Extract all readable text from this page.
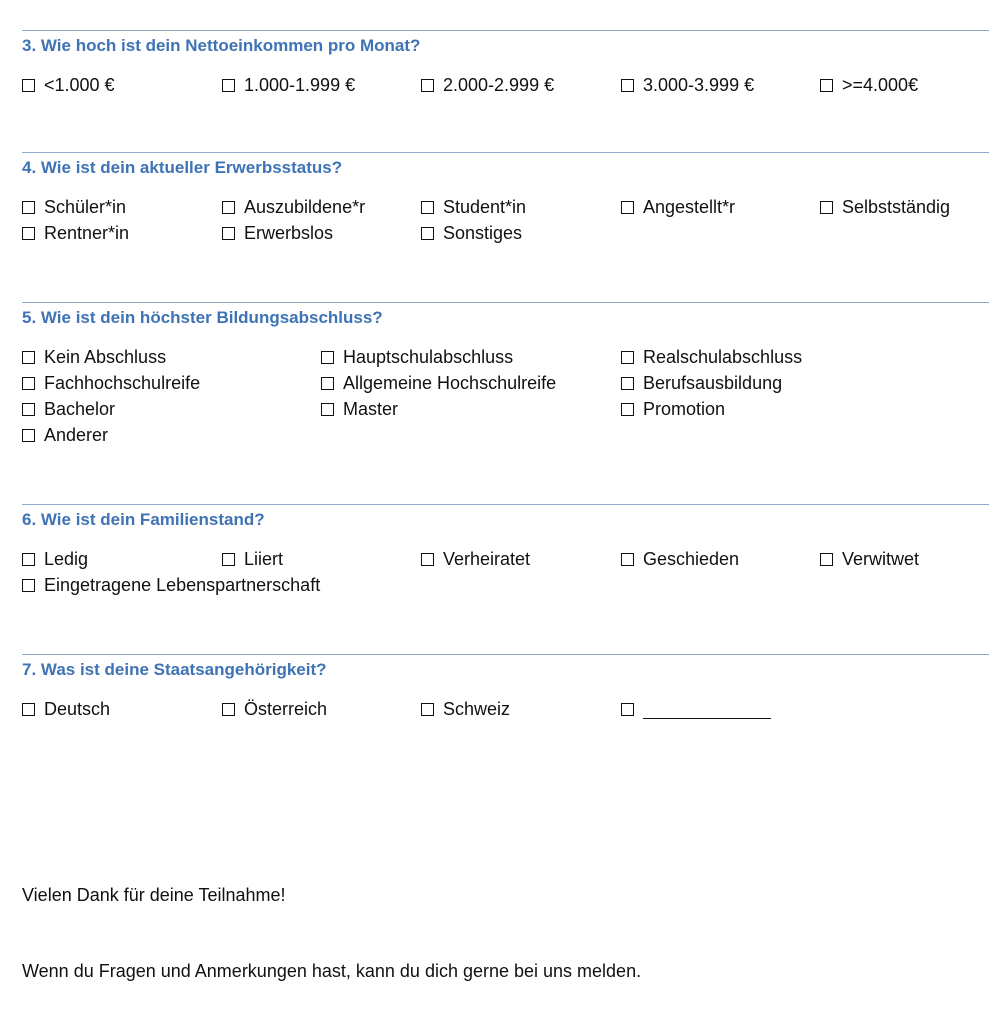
3. Wie hoch ist dein Nettoeinkommen pro Monat?
<1.000 €	1.000-1.999 €	2.000-2.999 €	3.000-3.999 €	>=4.000€
4. Wie ist dein aktueller Erwerbsstatus?
Schüler*in	Auszubildene*r	Student*in	Angestellt*r	Selbstständig
Rentner*in	Erwerbslos	Sonstiges
5. Wie ist dein höchster Bildungsabschluss?
Kein Abschluss	Hauptschulabschluss	Realschulabschluss
Fachhochschulreife	Allgemeine Hochschulreife	Berufsausbildung
Bachelor	Master	Promotion
Anderer
6. Wie ist dein Familienstand?
Ledig	Liiert	Verheiratet	Geschieden	Verwitwet
Eingetragene Lebenspartnerschaft
7. Was ist deine Staatsangehörigkeit?
Deutsch	Österreich	Schweiz
Vielen Dank für deine Teilnahme!
Wenn du Fragen und Anmerkungen hast, kann du dich gerne bei uns melden.
